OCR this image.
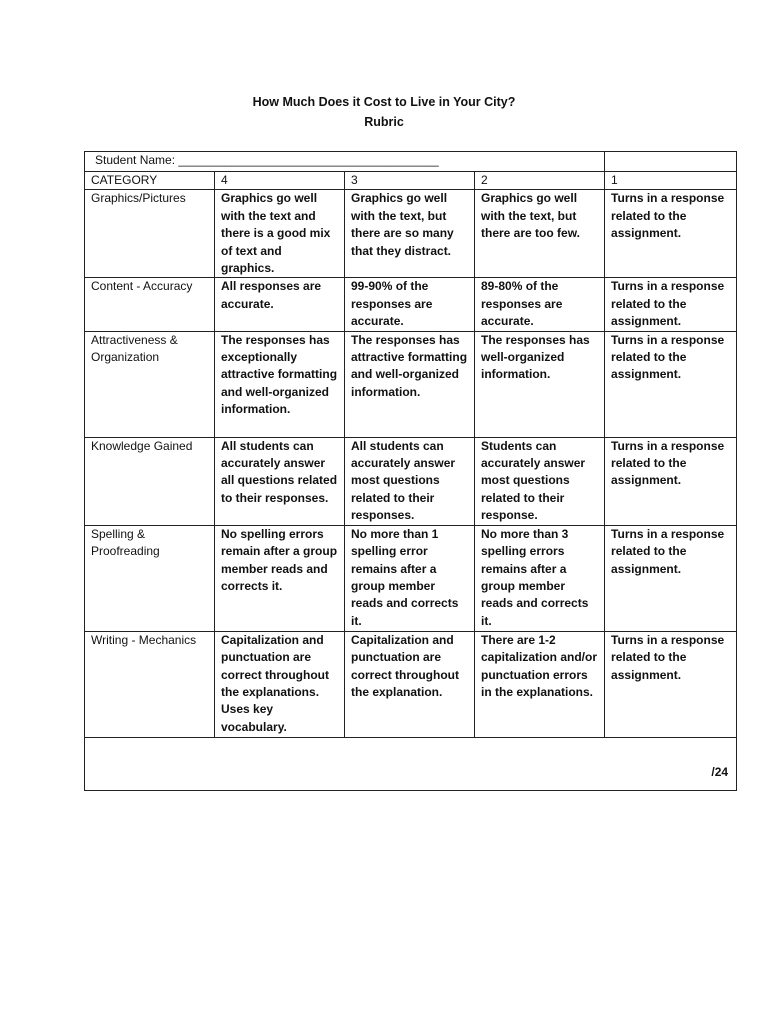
How Much Does it Cost to Live in Your City?
Rubric
Student Name: _______________________________________				
CATEGORY	4	3	2	1
Graphics/Pictures	Graphics go well with the text and there is a good mix of text and graphics.	Graphics go well with the text, but there are so many that they distract.	Graphics go well with the text, but there are too few.	Turns in a response related to the assignment.
Content - Accuracy	All responses are accurate.	99-90% of the responses are accurate.	89-80% of the responses are accurate.	Turns in a response related to the assignment.
Attractiveness & Organization	The responses has exceptionally attractive formatting and well-organized information.	The responses has attractive formatting and well-organized information.	The responses has well-organized information.	Turns in a response related to the assignment.
Knowledge Gained	All students can accurately answer all questions related to their responses.	All students can accurately answer most questions related to their responses.	Students can accurately answer most questions related to their response.	Turns in a response related to the assignment.
Spelling & Proofreading	No spelling errors remain after a group member reads and corrects it.	No more than 1 spelling error remains after a group member reads and corrects it.	No more than 3 spelling errors remains after a group member reads and corrects it.	Turns in a response related to the assignment.
Writing - Mechanics	Capitalization and punctuation are correct throughout the explanations. Uses key vocabulary.	Capitalization and punctuation are correct throughout the explanation.	There are 1-2 capitalization and/or punctuation errors in the explanations.	Turns in a response related to the assignment.
/24				
